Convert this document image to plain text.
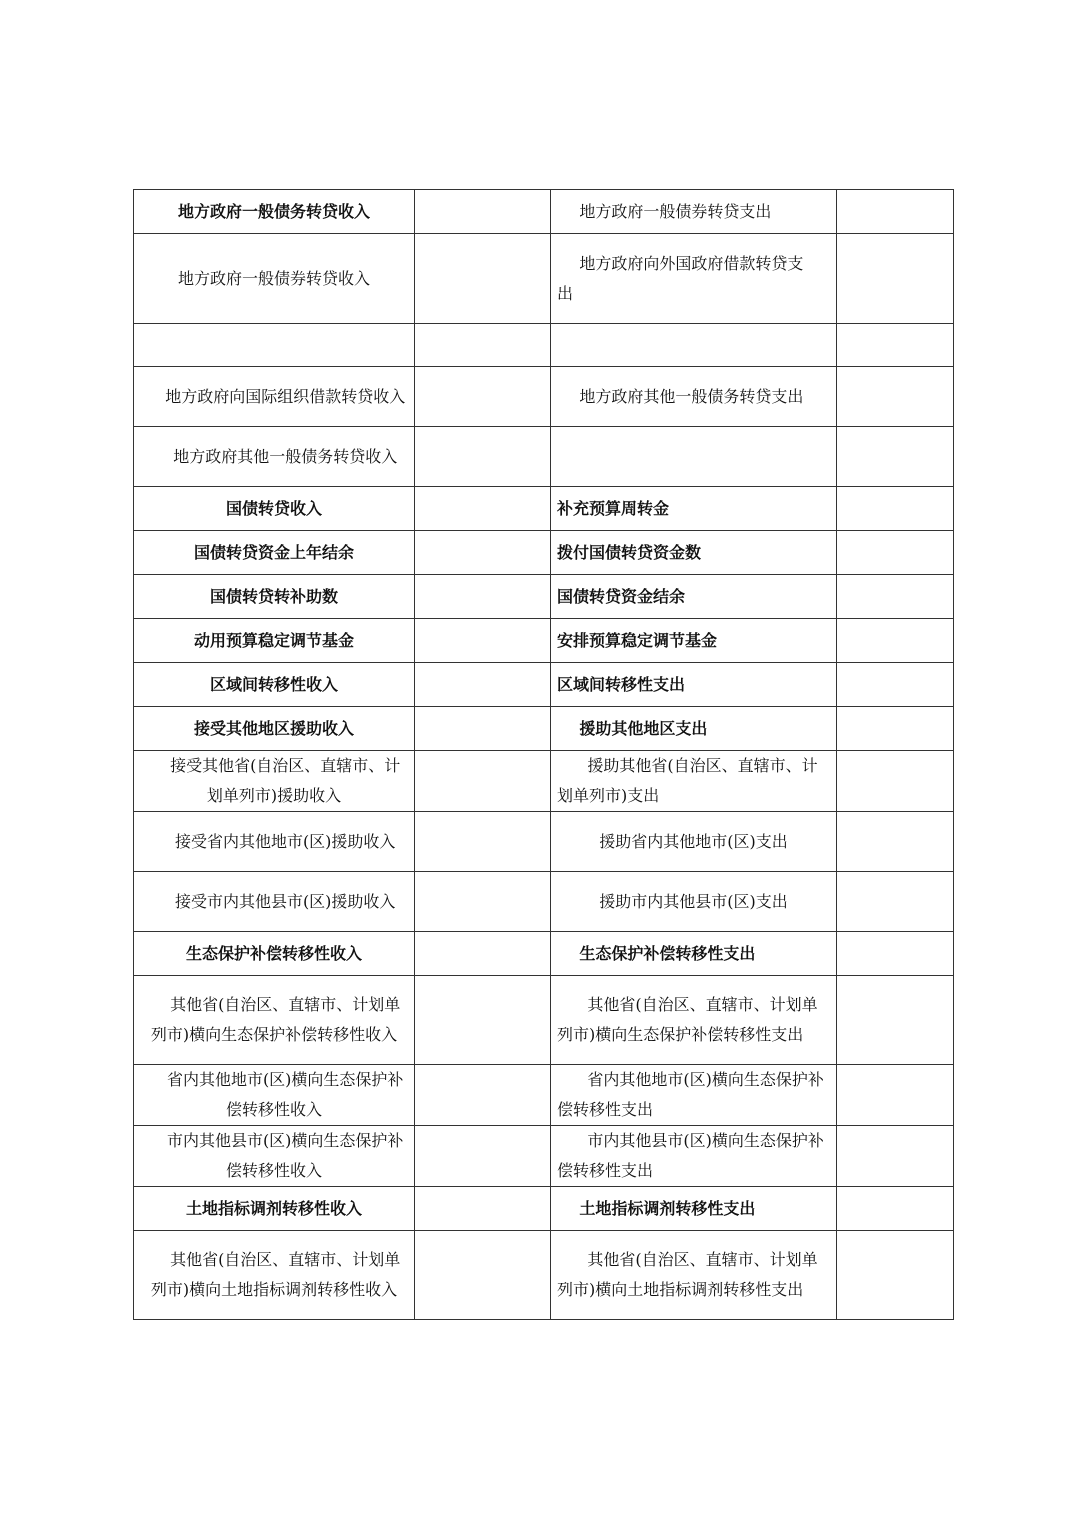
地方政府一般债务转贷收入		地方政府一般债券转贷支出	
地方政府一般债券转贷收入		地方政府向外国政府借款转贷支
出	

地方政府向国际组织借款转贷收入		地方政府其他一般债务转贷支出	
地方政府其他一般债务转贷收入			
国债转贷收入		补充预算周转金	
国债转贷资金上年结余		拨付国债转贷资金数	
国债转贷转补助数		国债转贷资金结余	
动用预算稳定调节基金		安排预算稳定调节基金	
区域间转移性收入		区域间转移性支出	
接受其他地区援助收入		援助其他地区支出	
接受其他省(自治区、直辖市、计划单列市)援助收入		援助其他省(自治区、直辖市、计划单列市)支出	
接受省内其他地市(区)援助收入		援助省内其他地市(区)支出	
接受市内其他县市(区)援助收入		援助市内其他县市(区)支出	
生态保护补偿转移性收入		生态保护补偿转移性支出	
其他省(自治区、直辖市、计划单列市)横向生态保护补偿转移性收入		其他省(自治区、直辖市、计划单列市)横向生态保护补偿转移性支出	
省内其他地市(区)横向生态保护补偿转移性收入		省内其他地市(区)横向生态保护补偿转移性支出	
市内其他县市(区)横向生态保护补偿转移性收入		市内其他县市(区)横向生态保护补偿转移性支出	
土地指标调剂转移性收入		土地指标调剂转移性支出	
其他省(自治区、直辖市、计划单列市)横向土地指标调剂转移性收入		其他省(自治区、直辖市、计划单列市)横向土地指标调剂转移性支出	
